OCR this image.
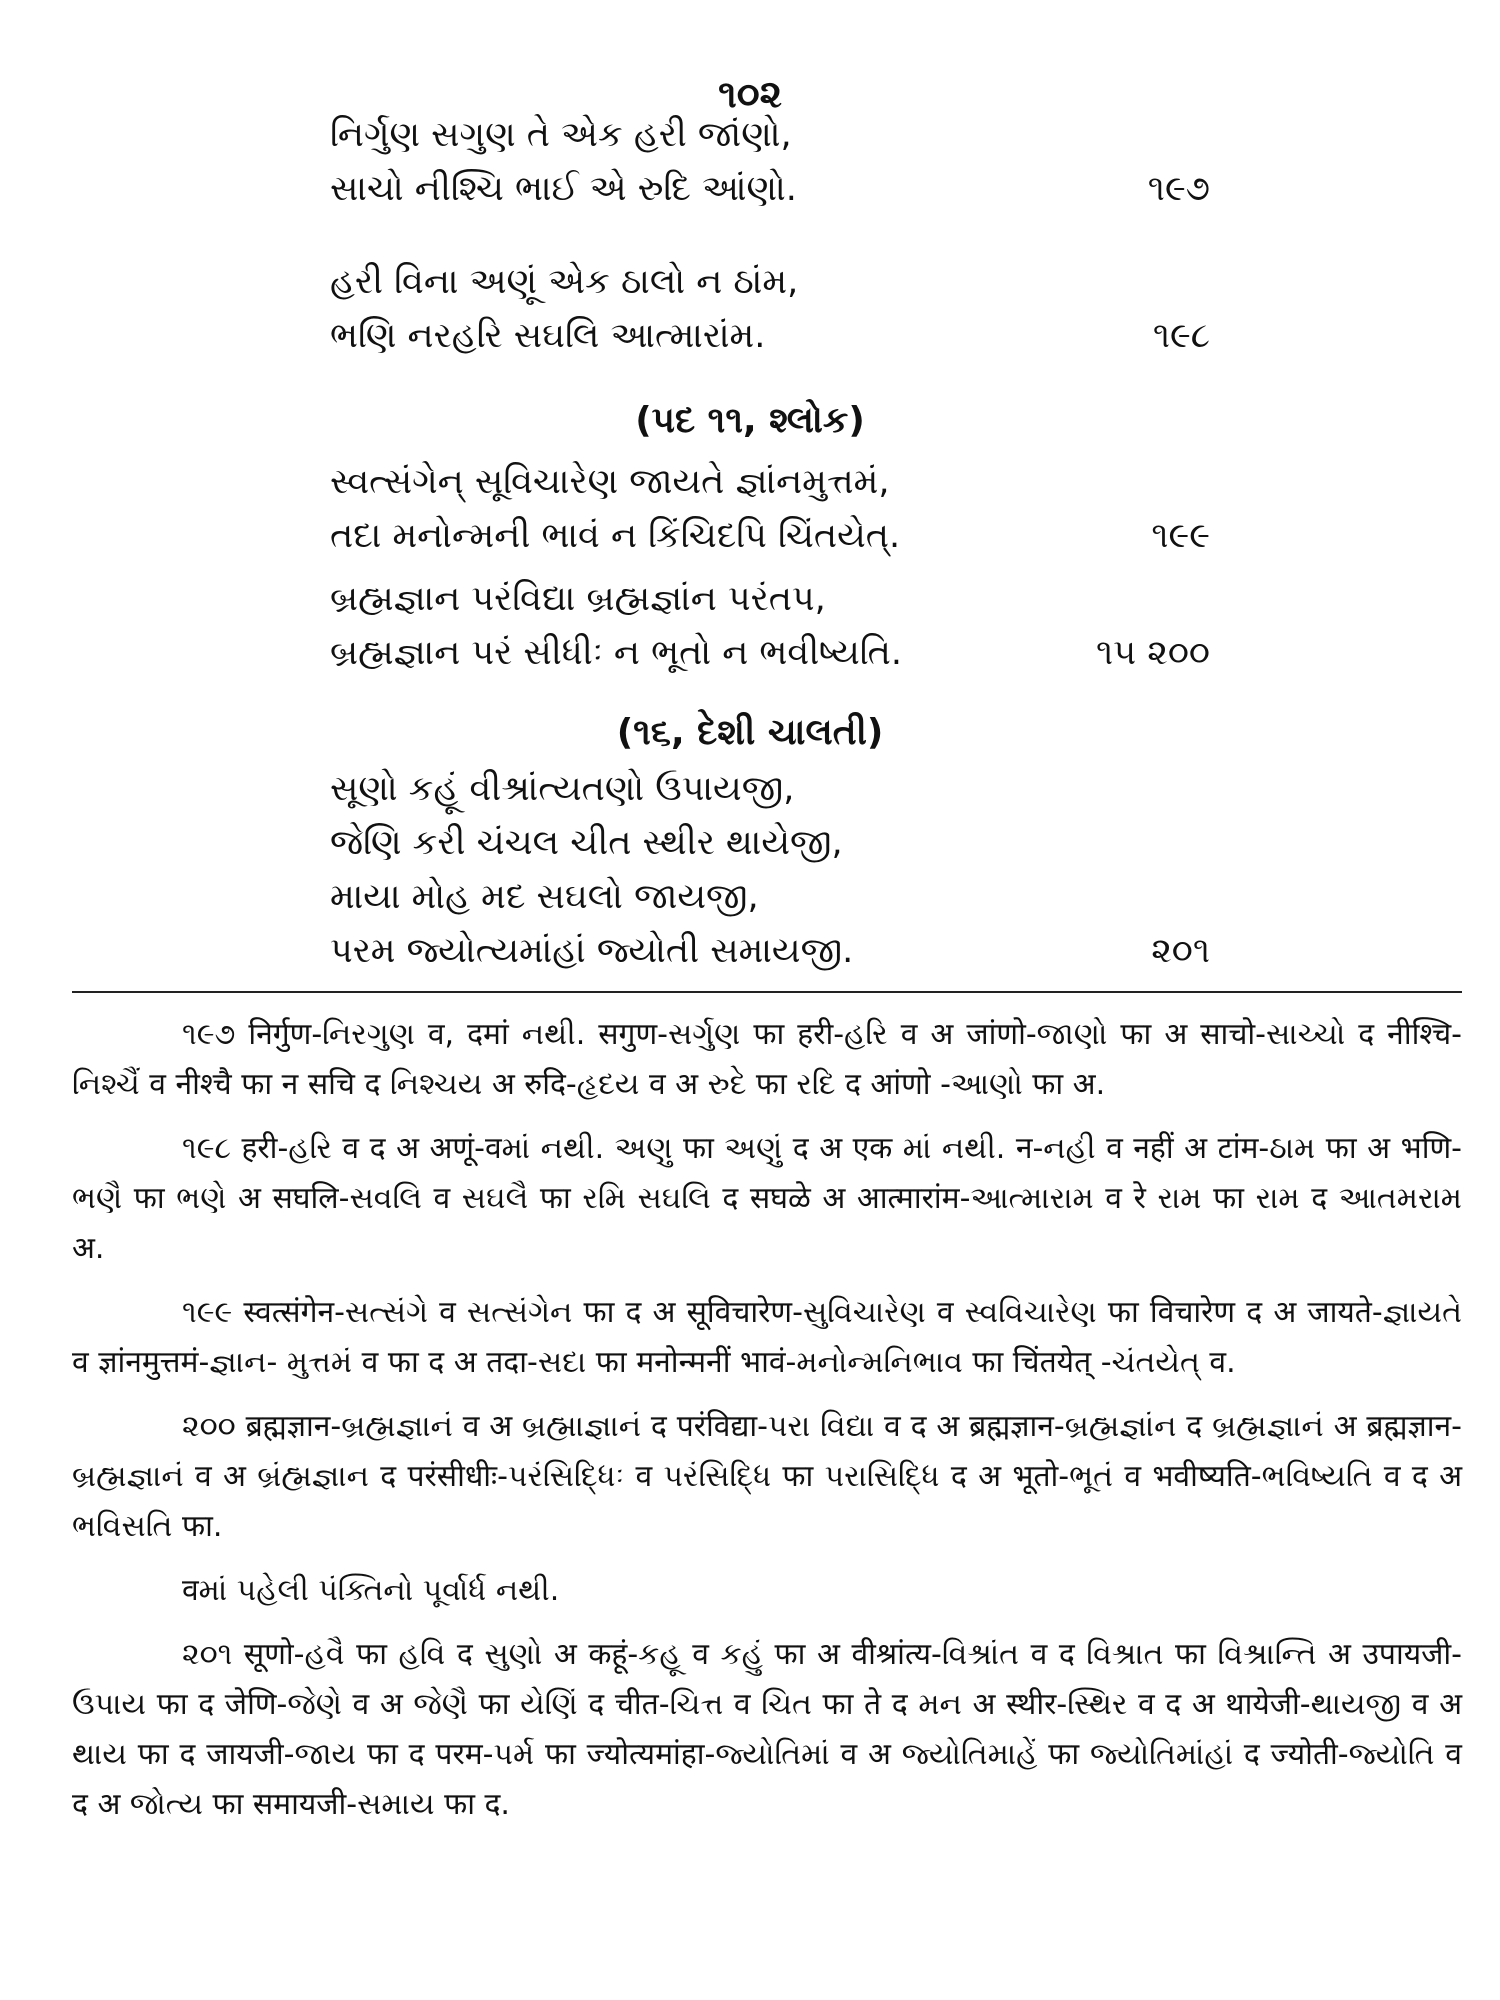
૧૦૨
નિર્ગુણ સગુણ તે એક હરી જાંણો,
સાચો નીશ્ચિ ભાઈ એ રુદિ આંણો.	૧૯૭
હરી વિના અણૂં એક ઠાલો ન ઠાંમ,
ભણિ નરહરિ સઘલિ આત્મારાંમ.	૧૯૮
(પદ ૧૧, શ્લોક)
સ્વત્સંગેન્ સૂવિચારેણ જાયતે જ્ઞાંનમુત્તમં,
તદા મનોન્મની ભાવં ન કિંચિદપિ ચિંતયેત્.	૧૯૯
બ્રહ્મજ્ઞાન પરંવિદ્યા બ્રહ્મજ્ઞાંન પરંતપ,
બ્રહ્મજ્ઞાન પરં સીધીઃ ન ભૂતો ન ભવીષ્યતિ.	૧૫ ૨૦૦
(૧૬, દેશી ચાલતી)
સૂણો કહૂં વીશ્રાંત્યતણો ઉપાયજી,
જેણિ કરી ચંચલ ચીત સ્થીર થાયેજી,
માયા મોહ મદ સઘલો જાયજી,
પરમ જ્યોત્યમાંહાં જ્યોતી સમાયજી.	૨૦૧

૧૯૭ निर्गुण-નિરગુણ व, दमां નથી. सगुण-સર્ગુણ फा हरी-હરિ व अ जांणो-જાણો फा अ साचो-સાચ્ચો द नीश्चि-નિશ્ચૈં व नीश्चै फा न सचि द નિશ્ચય अ रुदि-હૃદય व अ રુદે फा રદિ द आंणो -આણો फा अ.

૧૯૮ हरी-હરિ व द अ अणूं-वમાં નથી. અણુ फा અણું द अ एक માં નથી. न-નહી व नहीं अ टांम-ઠામ फा अ भणि-ભણૈ फा ભણે अ सघलि-સવલિ व સઘલૈ फा રમિ સઘલિ द सघळे अ आत्मारांम-આત્મારામ व रे રામ फा રામ द આતમરામ अ.

૧૯૯ स्वत्संगेन-સત્સંગે व સત્સંગેન फा द अ सूविचारेण-સુવિચારેણ व સ્વવિચારેણ फा विचारेण द अ जायते-જ્ઞાયતે व ज्ञांनमुत्तमं-જ્ઞાન- મુત્તમં व फा द अ तदा-સદા फा मनोन्मनीं भावं-મનોન્મનિભાવ फा चिंतयेत् -ચંતયેત્ व.

૨૦૦ ब्रह्मज्ञान-બ્રહ્મજ્ઞાનં व अ બ્રહ્માજ્ઞાનં द परंविद्या-પરા વિદ્યા व द अ ब्रह्मज्ञान-બ્રહ્મજ્ઞાંન द બ્રહ્મજ્ઞાનં अ ब्रह्मज्ञान-બ્રહ્મજ્ઞાનં व अ બ્રંહ્મજ્ઞાન द परंसीधीः-પરંસિદ્ધિઃ व પરંસિદ્ધિ फा પરાસિદ્ધિ द अ भूतो-ભૂતં व भवीष्यति-ભવિષ્યતિ व द अ ભવિસતિ फा.

वમાં પહેલી પંક્તિનો પૂર્વાર્ધ નથી.

૨૦૧ सूणो-હવૈ फा હવિ द સુણો अ कहूं-કહૂ व કહું फा अ वीश्रांत्य-વિશ્રાંત व द વિશ્રાત फा વિશ્રાન્તિ अ उपायजी-ઉપાય फा द जेणि-જેણે व अ જેણૈ फा યેણિં द चीत-ચિત્ત व ચિત फा ते द મન अ स्थीर-સ્થિર व द अ थायेजी-થાયજી व अ થાય फा द जायजी-જાય फा द परम-પર્મ फा ज्योत्यमांहा-જ્યોતિમાં व अ જ્યોતિમાહેં फा જ્યોતિમાંહાં द ज्योती-જ્યોતિ व द अ જોત્ય फा समायजी-સમાય फा द.
